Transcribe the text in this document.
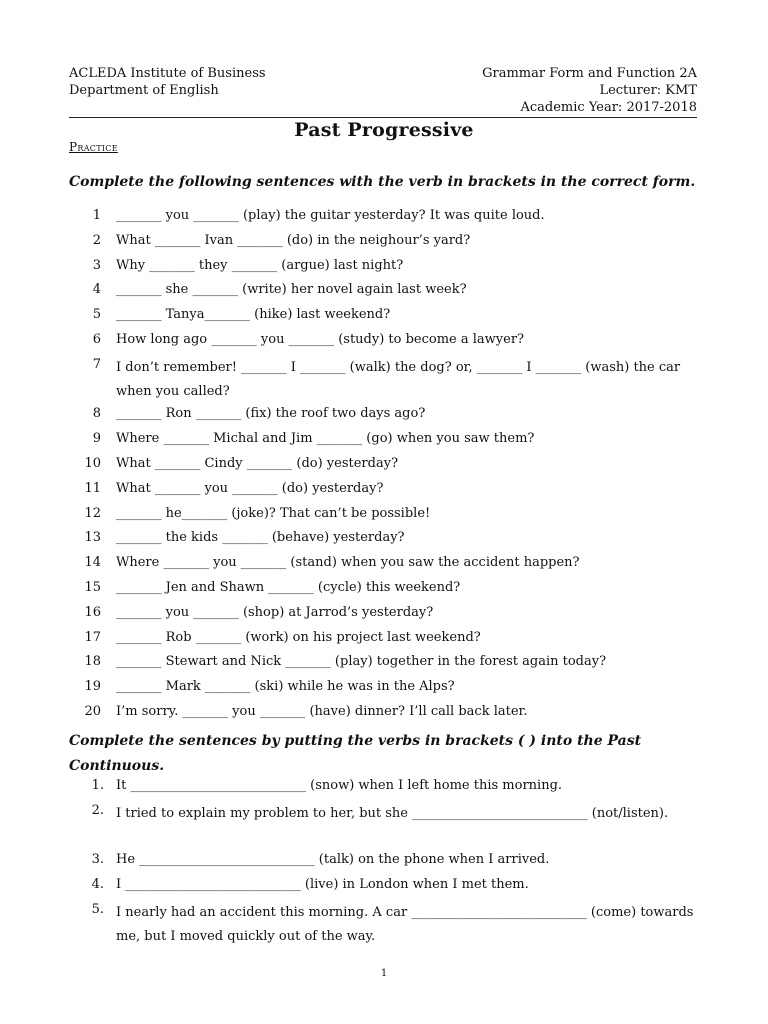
ACLEDA Institute of Business
Department of English
Grammar Form and Function 2A
Lecturer: KMT
Academic Year: 2017-2018
Past Progressive
Practice
Complete the following sentences with the verb in brackets in the correct form.
1	_______ you _______ (play) the guitar yesterday? It was quite loud.
2	What _______ Ivan _______ (do) in the neighour’s yard?
3	Why _______ they _______ (argue) last night?
4	_______ she _______ (write) her novel again last week?
5	_______ Tanya_______ (hike) last weekend?
6	How long ago _______ you _______ (study) to become a lawyer?
7	I don’t remember! _______ I _______ (walk) the dog? or, _______ I _______ (wash) the car when you called?
8	_______ Ron _______ (fix) the roof two days ago?
9	Where _______ Michal and Jim _______ (go) when you saw them?
10	What _______ Cindy _______ (do) yesterday?
11	What _______ you _______ (do) yesterday?
12	_______ he_______ (joke)? That can’t be possible!
13	_______ the kids _______ (behave) yesterday?
14	Where _______ you _______ (stand) when you saw the accident happen?
15	_______ Jen and Shawn _______ (cycle) this weekend?
16	_______ you _______ (shop) at Jarrod’s yesterday?
17	_______ Rob _______ (work) on his project last weekend?
18	_______ Stewart and Nick _______ (play) together in the forest again today?
19	_______ Mark _______ (ski) while he was in the Alps?
20	I’m sorry. _______ you _______ (have) dinner? I’ll call back later.
Complete the sentences by putting the verbs in brackets ( ) into the Past Continuous.
1. It ___________________________ (snow) when I left home this morning.
2. I tried to explain my problem to her, but she ___________________________ (not/listen).
3. He ___________________________ (talk) on the phone when I arrived.
4. I ___________________________ (live) in London when I met them.
5. I nearly had an accident this morning. A car ___________________________ (come) towards me, but I moved quickly out of the way.
1
